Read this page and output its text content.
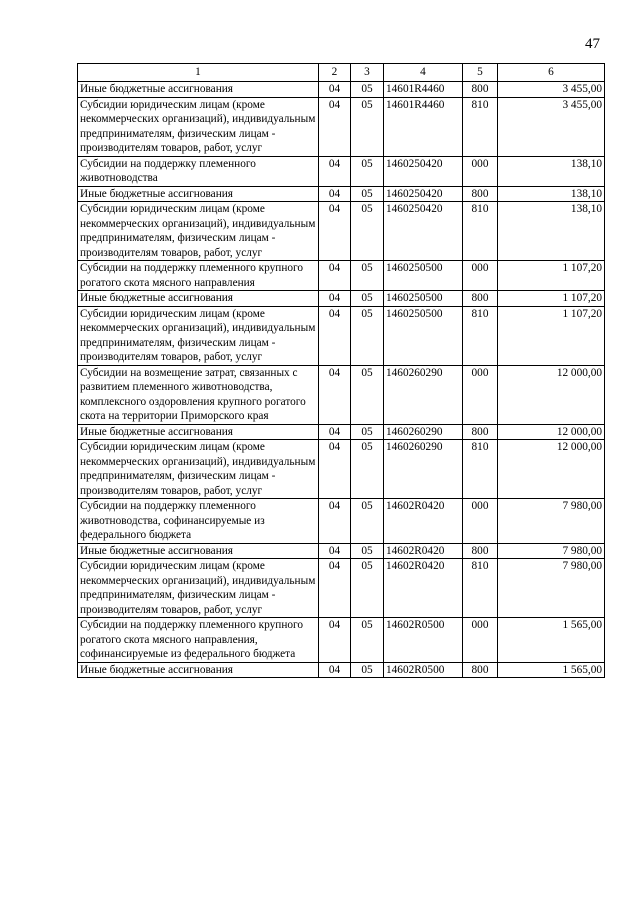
47
1	2	3	4	5	6
Иные бюджетные ассигнования	04	05	14601R4460	800	3 455,00
Субсидии юридическим лицам (кроме некоммерческих организаций), индивидуальным предпринимателям, физическим лицам - производителям товаров, работ, услуг	04	05	14601R4460	810	3 455,00
Субсидии на поддержку племенного животноводства	04	05	1460250420	000	138,10
Иные бюджетные ассигнования	04	05	1460250420	800	138,10
Субсидии юридическим лицам (кроме некоммерческих организаций), индивидуальным предпринимателям, физическим лицам - производителям товаров, работ, услуг	04	05	1460250420	810	138,10
Субсидии на поддержку племенного крупного рогатого скота мясного направления	04	05	1460250500	000	1 107,20
Иные бюджетные ассигнования	04	05	1460250500	800	1 107,20
Субсидии юридическим лицам (кроме некоммерческих организаций), индивидуальным предпринимателям, физическим лицам - производителям товаров, работ, услуг	04	05	1460250500	810	1 107,20
Субсидии на возмещение затрат, связанных с развитием племенного животноводства, комплексного оздоровления крупного рогатого скота на территории Приморского края	04	05	1460260290	000	12 000,00
Иные бюджетные ассигнования	04	05	1460260290	800	12 000,00
Субсидии юридическим лицам (кроме некоммерческих организаций), индивидуальным предпринимателям, физическим лицам - производителям товаров, работ, услуг	04	05	1460260290	810	12 000,00
Субсидии на поддержку племенного животноводства, софинансируемые из федерального бюджета	04	05	14602R0420	000	7 980,00
Иные бюджетные ассигнования	04	05	14602R0420	800	7 980,00
Субсидии юридическим лицам (кроме некоммерческих организаций), индивидуальным предпринимателям, физическим лицам - производителям товаров, работ, услуг	04	05	14602R0420	810	7 980,00
Субсидии на поддержку племенного крупного рогатого скота мясного направления, софинансируемые из федерального бюджета	04	05	14602R0500	000	1 565,00
Иные бюджетные ассигнования	04	05	14602R0500	800	1 565,00
